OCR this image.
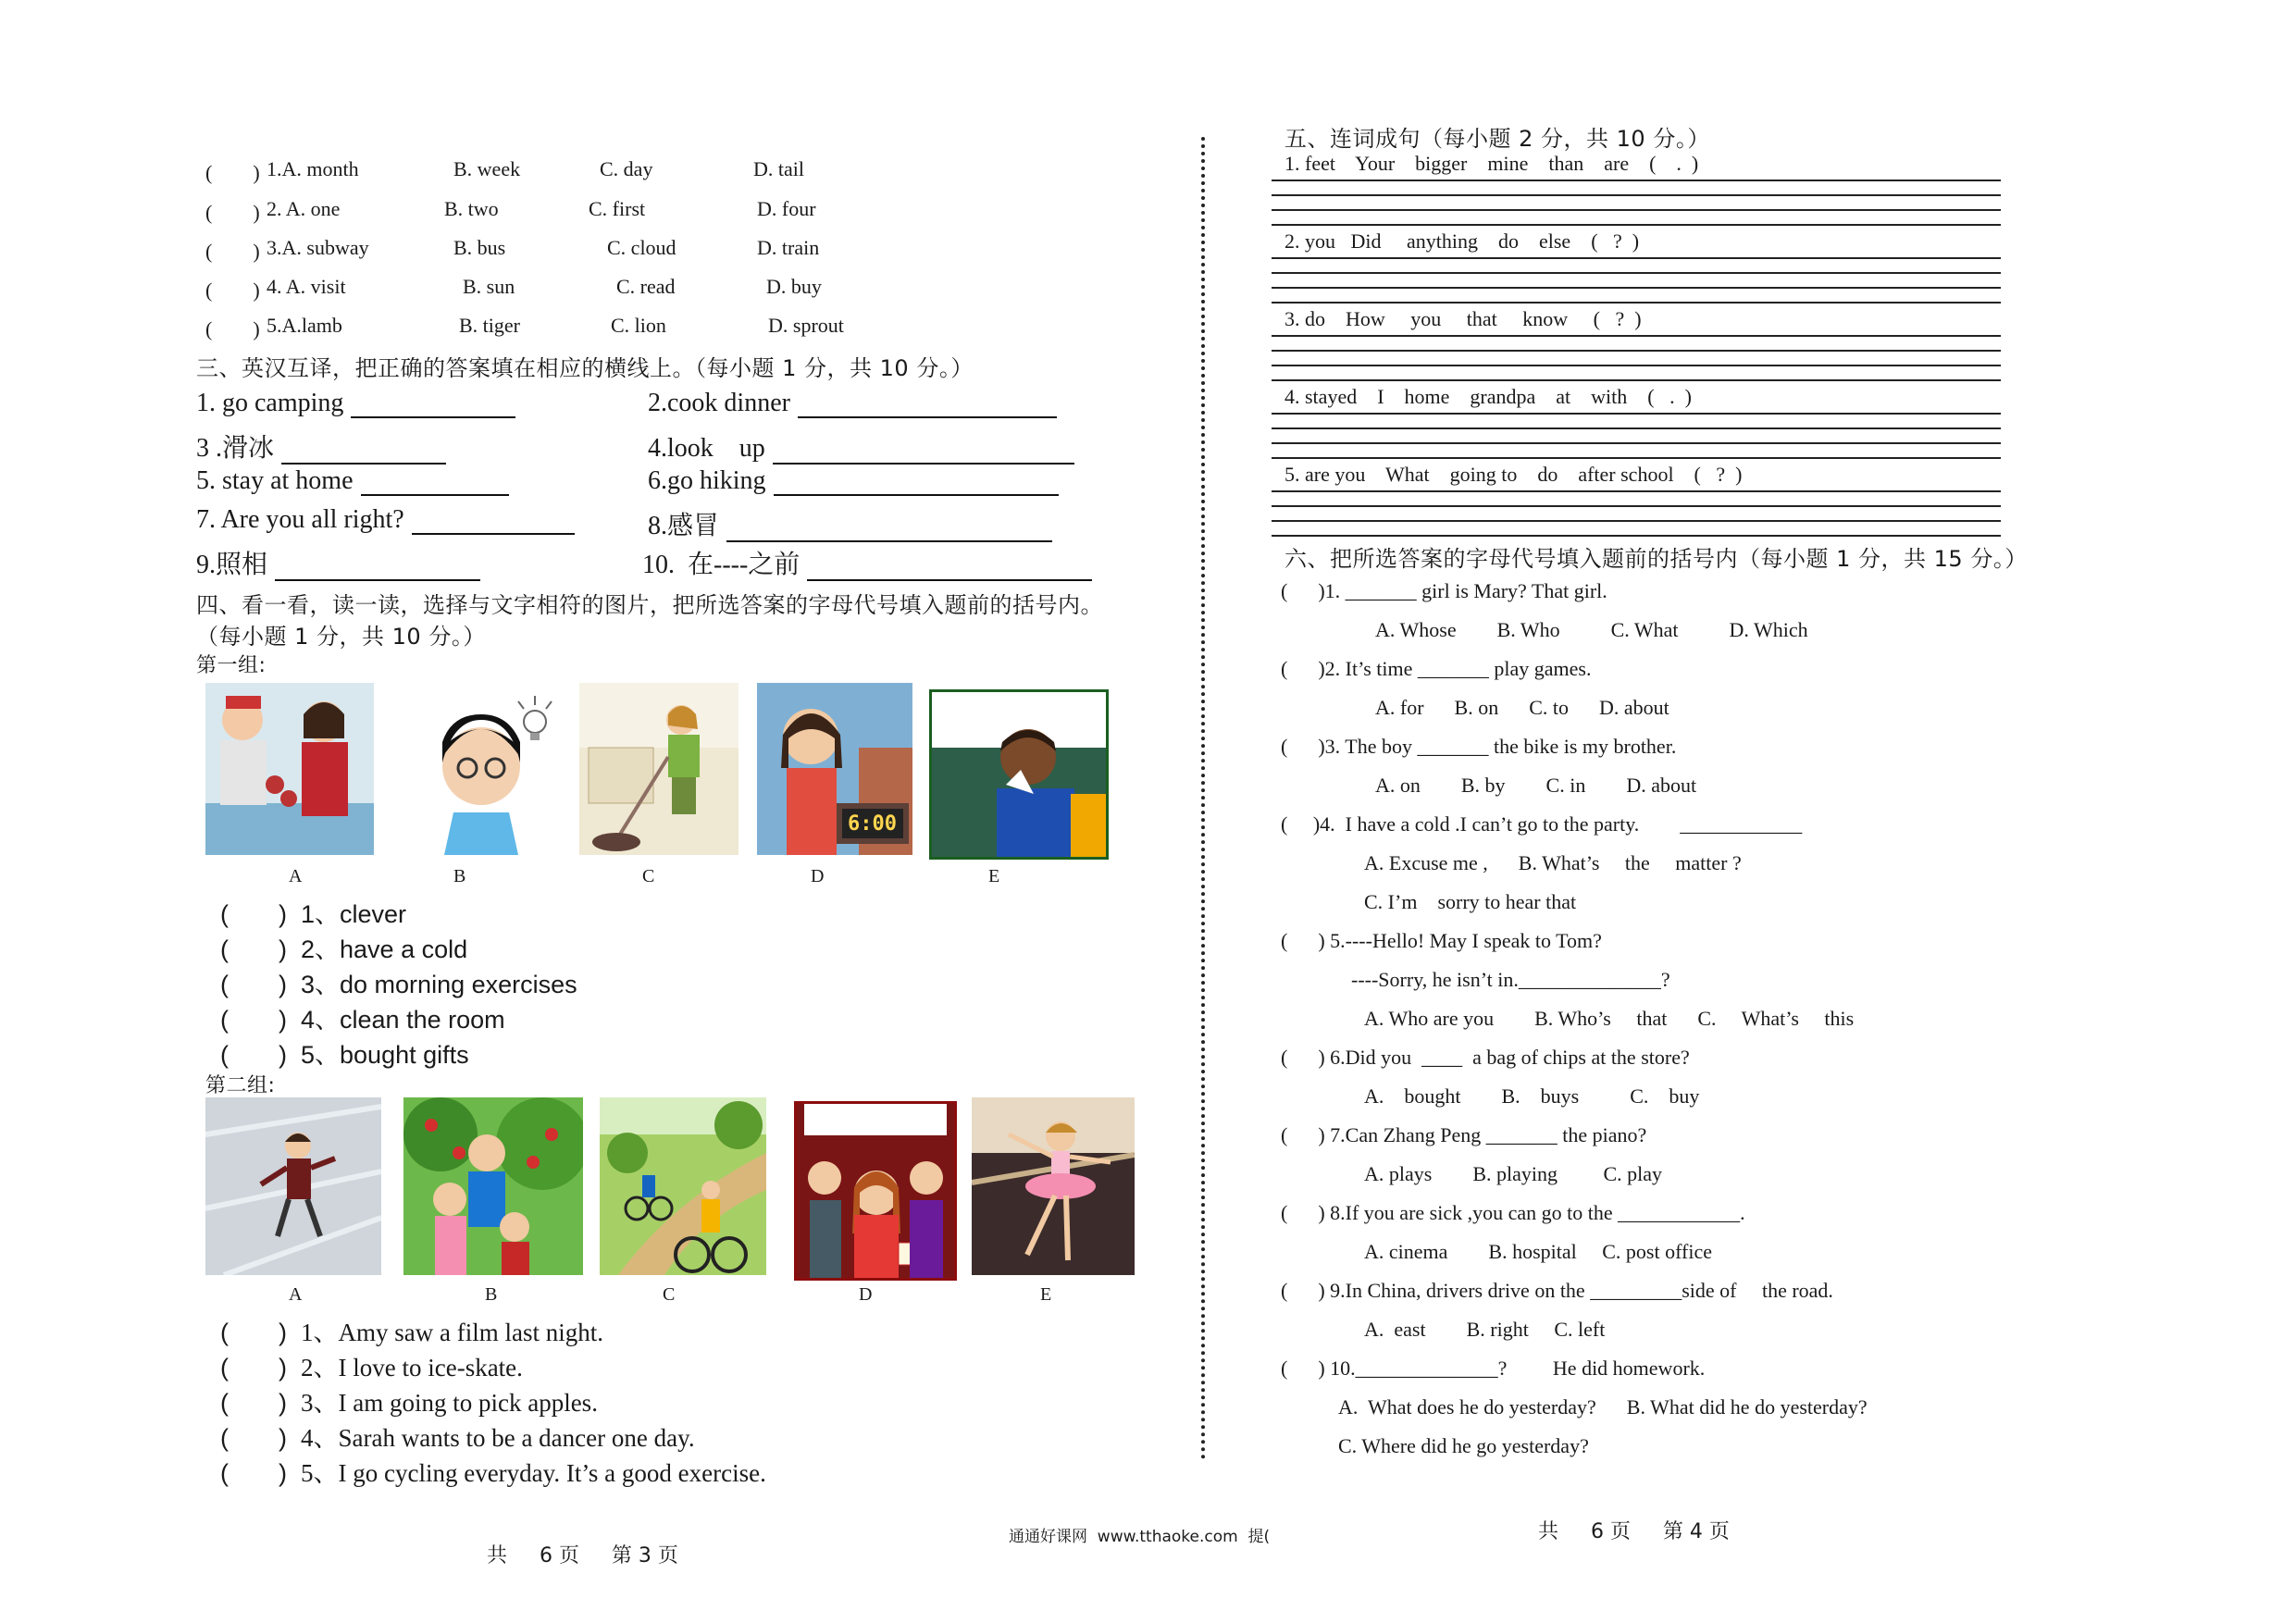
(　　) 1.A. month	B. week	C. day	D. tail
(　　) 2. A. one	B. two	C. first	D. four
(　　) 3.A. subway	B. bus	C. cloud	D. train
(　　) 4. A. visit	B. sun	C. read	D. buy
(　　) 5.A.lamb	B. tiger	C. lion	D. sprout
三、英汉互译，把正确的答案填在相应的横线上。（每小题 1 分，共 10 分。）
1. go camping	2.cook dinner
3 .滑冰	4.look　up
5. stay at home	6.go hiking
7. Are you all right?	8.感冒
9.照相	10.  在----之前
四、看一看，读一读，选择与文字相符的图片，把所选答案的字母代号填入题前的括号内。
（每小题 1 分，共 10 分。）
第一组:
6:00
A	B	C	D	E
(　　) 1、clever
(　　) 2、have a cold
(　　) 3、do morning exercises
(　　) 4、clean the room
(　　) 5、bought gifts
第二组:
A	B	C	D	E
(　　) 1、Amy saw a film last night.
(　　) 2、I love to ice-skate.
(　　) 3、I am going to pick apples.
(　　) 4、Sarah wants to be a dancer one day.
(　　) 5、I go cycling everyday. It’s a good exercise.
五、连词成句（每小题 2 分，共 10 分。）
1. feet    Your    bigger    mine    than    are    (    .  )
2. you   Did     anything    do    else    (   ?  )
3. do    How     you     that     know     (   ?  )
4. stayed    I    home    grandpa    at    with    (   .  )
5. are you    What    going to    do    after school    (   ?  )
六、把所选答案的字母代号填入题前的括号内（每小题 1 分，共 15 分。）
(      )1. _______ girl is Mary? That girl.
A. Whose        B. Who          C. What          D. Which
(      )2. It’s time _______ play games.
A. for      B. on      C. to      D. about
(      )3. The boy _______ the bike is my brother.
A. on        B. by        C. in        D. about
(     )4.  I have a cold .I can’t go to the party.        ____________
A. Excuse me ,      B. What’s     the     matter ?
C. I’m    sorry to hear that
(      ) 5.----Hello! May I speak to Tom?
----Sorry, he isn’t in.______________?
A. Who are you        B. Who’s     that      C.     What’s     this
(      ) 6.Did you  ____  a bag of chips at the store?
A.    bought        B.    buys          C.    buy
(      ) 7.Can Zhang Peng _______ the piano?
A. plays        B. playing         C. play
(      ) 8.If you are sick ,you can go to the ____________.
A. cinema        B. hospital     C. post office
(      ) 9.In China, drivers drive on the _________side of     the road.
A.  east        B. right     C. left
(      ) 10.______________?         He did homework.
A.  What does he do yesterday?      B. What did he do yesterday?
C. Where did he go yesterday?
共     6 页     第 3 页
通通好课网  www.tthaoke.com  提(	共     6 页     第 4 页
